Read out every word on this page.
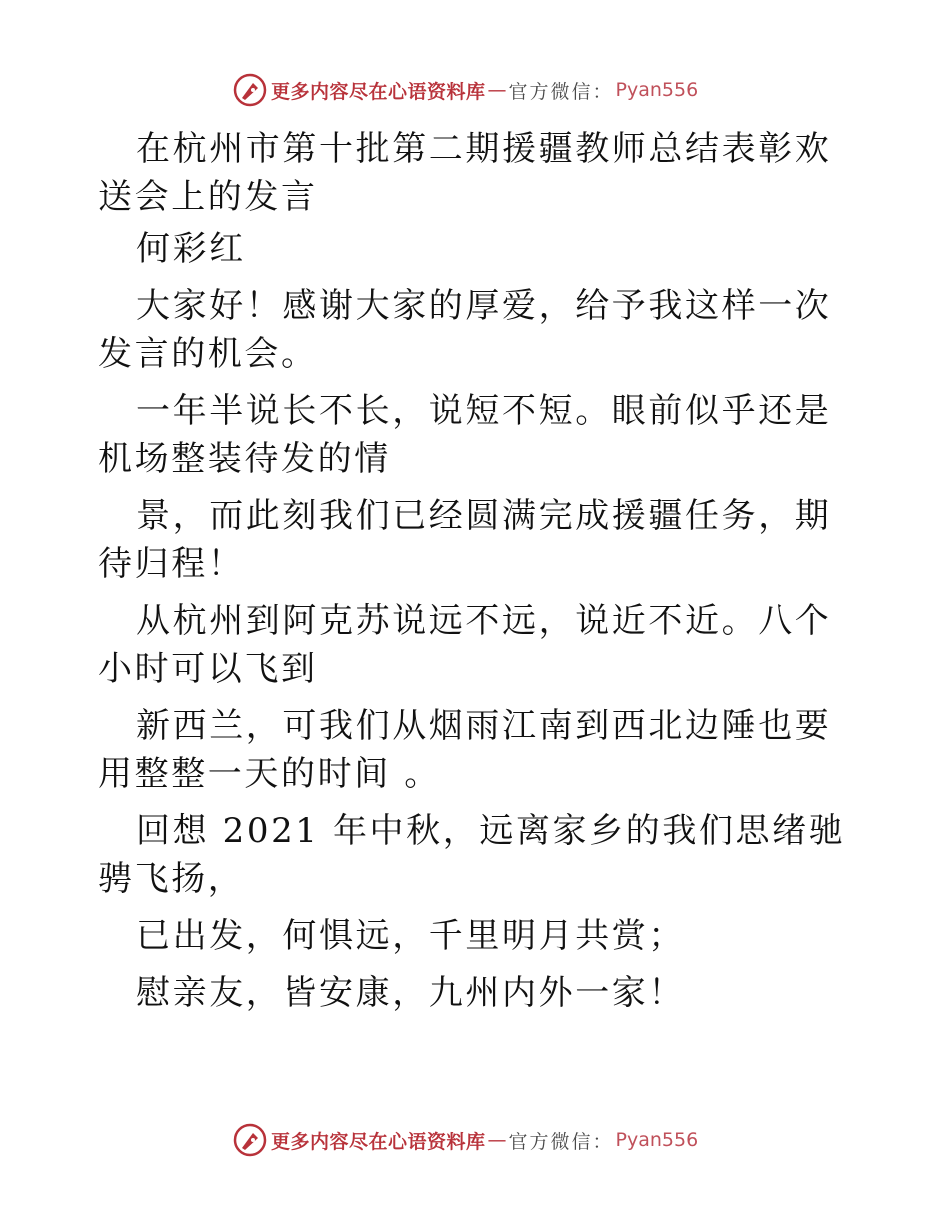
更多内容尽在心语资料库 — 官方微信： Pyan556

在杭州市第十批第二期援疆教师总结表彰欢送会上的发言

何彩红

大家好！感谢大家的厚爱，给予我这样一次发言的机会。

一年半说长不长，说短不短。眼前似乎还是机场整装待发的情

景，而此刻我们已经圆满完成援疆任务，期待归程！

从杭州到阿克苏说远不远，说近不近。八个小时可以飞到

新西兰，可我们从烟雨江南到西北边陲也要用整整一天的时间 。

回想 2021 年中秋，远离家乡的我们思绪驰骋飞扬，

已出发，何惧远，千里明月共赏；

慰亲友，皆安康，九州内外一家！

更多内容尽在心语资料库 — 官方微信： Pyan556
